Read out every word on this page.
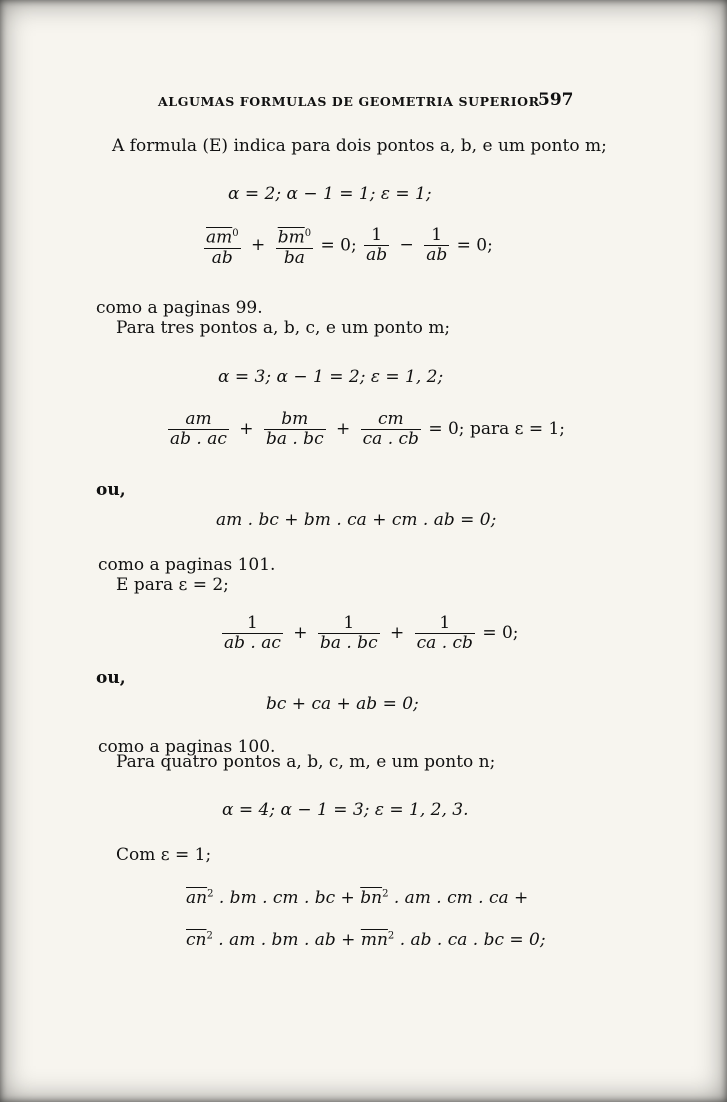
ALGUMAS FORMULAS DE GEOMETRIA SUPERIOR
597
A formula (E) indica para dois pontos a, b, e um ponto m;
α = 2; α − 1 = 1; ε = 1;
$\frac{\overline{am}^0}{ab} + \frac{\overline{bm}^0}{ba} = 0$; $\frac{1}{ab} - \frac{1}{ab} = 0$;
como a paginas 99.
Para tres pontos a, b, c, e um ponto m;
α = 3; α − 1 = 2; ε = 1, 2;
$\frac{am}{ab . ac} + \frac{bm}{ba . bc} + \frac{cm}{ca . cb} = 0$; para ε = 1;
ou,
am . bc + bm . ca + cm . ab = 0;
como a paginas 101.
E para ε = 2;
$\frac{1}{ab . ac} + \frac{1}{ba . bc} + \frac{1}{ca . cb} = 0$;
ou,
bc + ca + ab = 0;
como a paginas 100.
Para quatro pontos a, b, c, m, e um ponto n;
α = 4; α − 1 = 3; ε = 1, 2, 3.
Com ε = 1;
$\overline{an}^2$ . bm . cm . bc + $\overline{bn}^2$ . am . cm . ca +
$\overline{cn}^2$ . am . bm . ab + $\overline{mn}^2$ . ab . ca . bc = 0;
